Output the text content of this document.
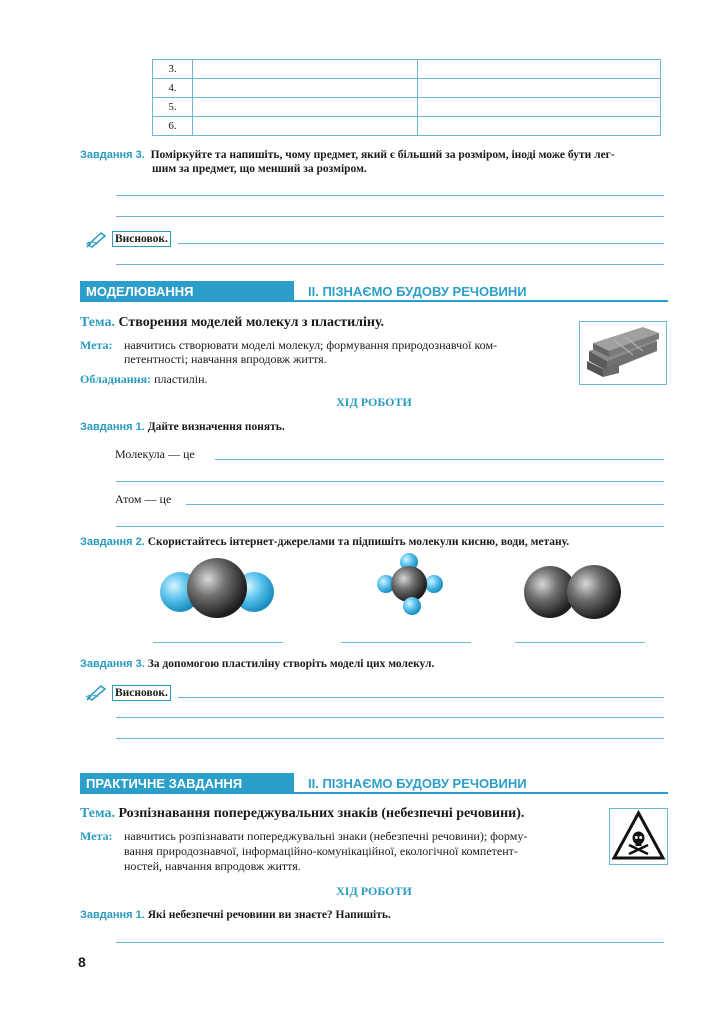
3.		
4.		
5.		
6.		
Завдання 3. Поміркуйте та напишіть, чому предмет, який є більший за розміром, іноді може бути лег-
шим за предмет, що менший за розміром.
Висновок.
МОДЕЛЮВАННЯ	ІІ. ПІЗНАЄМО БУДОВУ РЕЧОВИНИ
Тема. Створення моделей молекул з пластиліну.
Мета: навчитись створювати моделі молекул; формування природознавчої ком-
петентності; навчання впродовж життя.
Обладнання: пластилін.
ХІД РОБОТИ
Завдання 1. Дайте визначення понять.
Молекула — це
Атом — це
Завдання 2. Скористайтесь інтернет-джерелами та підпишіть молекули кисню, води, метану.
Завдання 3. За допомогою пластиліну створіть моделі цих молекул.
Висновок.
ПРАКТИЧНЕ ЗАВДАННЯ	ІІ. ПІЗНАЄМО БУДОВУ РЕЧОВИНИ
Тема. Розпізнавання попереджувальних знаків (небезпечні речовини).
Мета: навчитись розпізнавати попереджувальні знаки (небезпечні речовини); форму-
вання природознавчої, інформаційно-комунікаційної, екологічної компетент-
ностей, навчання впродовж життя.
ХІД РОБОТИ
Завдання 1. Які небезпечні речовини ви знаєте? Напишіть.
8
